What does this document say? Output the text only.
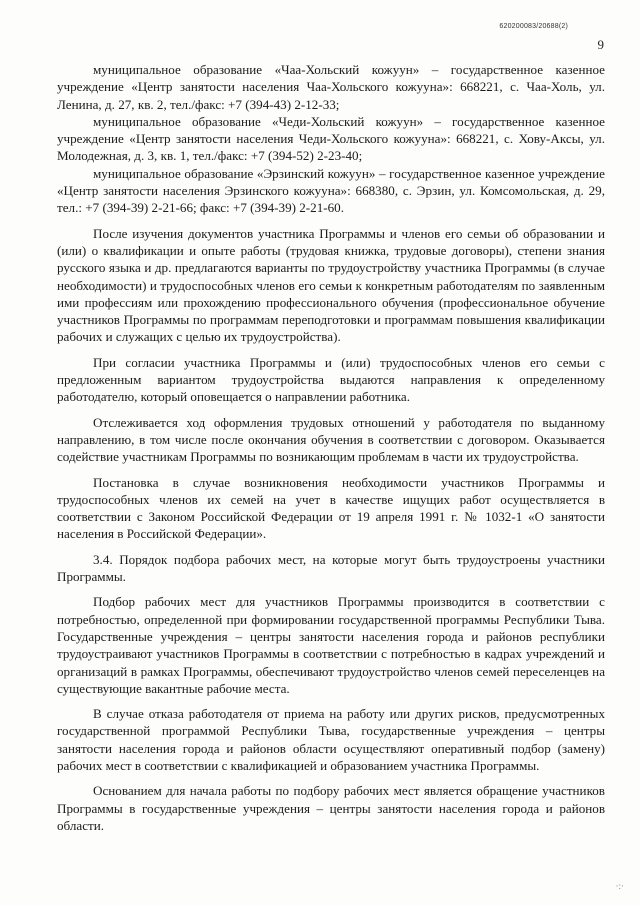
620200083/20688(2)
9

муниципальное образование «Чаа-Хольский кожуун» – государственное казенное учреждение «Центр занятости населения Чаа-Хольского кожууна»: 668221, с. Чаа-Холь, ул. Ленина, д. 27, кв. 2, тел./факс: +7 (394-43) 2-12-33;

муниципальное образование «Чеди-Хольский кожуун» – государственное казенное учреждение «Центр занятости населения Чеди-Хольского кожууна»: 668221, с. Хову-Аксы, ул. Молодежная, д. 3, кв. 1, тел./факс: +7 (394-52) 2-23-40;

муниципальное образование «Эрзинский кожуун» – государственное казенное учреждение «Центр занятости населения Эрзинского кожууна»: 668380, с. Эрзин, ул. Комсомольская, д. 29, тел.: +7 (394-39) 2-21-66; факс: +7 (394-39) 2-21-60.

После изучения документов участника Программы и членов его семьи об образовании и (или) о квалификации и опыте работы (трудовая книжка, трудовые договоры), степени знания русского языка и др. предлагаются варианты по трудоустройству участника Программы (в случае необходимости) и трудоспособных членов его семьи к конкретным работодателям по заявленным ими профессиям или прохождению профессионального обучения (профессиональное обучение участников Программы по программам переподготовки и программам повышения квалификации рабочих и служащих с целью их трудоустройства).

При согласии участника Программы и (или) трудоспособных членов его семьи с предложенным вариантом трудоустройства выдаются направления к определенному работодателю, который оповещается о направлении работника.

Отслеживается ход оформления трудовых отношений у работодателя по выданному направлению, в том числе после окончания обучения в соответствии с договором. Оказывается содействие участникам Программы по возникающим проблемам в части их трудоустройства.

Постановка в случае возникновения необходимости участников Программы и трудоспособных членов их семей на учет в качестве ищущих работ осуществляется в соответствии с Законом Российской Федерации от 19 апреля 1991 г. № 1032-1 «О занятости населения в Российской Федерации».

3.4. Порядок подбора рабочих мест, на которые могут быть трудоустроены участники Программы.

Подбор рабочих мест для участников Программы производится в соответствии с потребностью, определенной при формировании государственной программы Республики Тыва. Государственные учреждения – центры занятости населения города и районов республики трудоустраивают участников Программы в соответствии с потребностью в кадрах учреждений и организаций в рамках Программы, обеспечивают трудоустройство членов семей переселенцев на существующие вакантные рабочие места.

В случае отказа работодателя от приема на работу или других рисков, предусмотренных государственной программой Республики Тыва, государственные учреждения – центры занятости населения города и районов области осуществляют оперативный подбор (замену) рабочих мест в соответствии с квалификацией и образованием участника Программы.

Основанием для начала работы по подбору рабочих мест является обращение участников Программы в государственные учреждения – центры занятости населения города и районов области.

·:·
